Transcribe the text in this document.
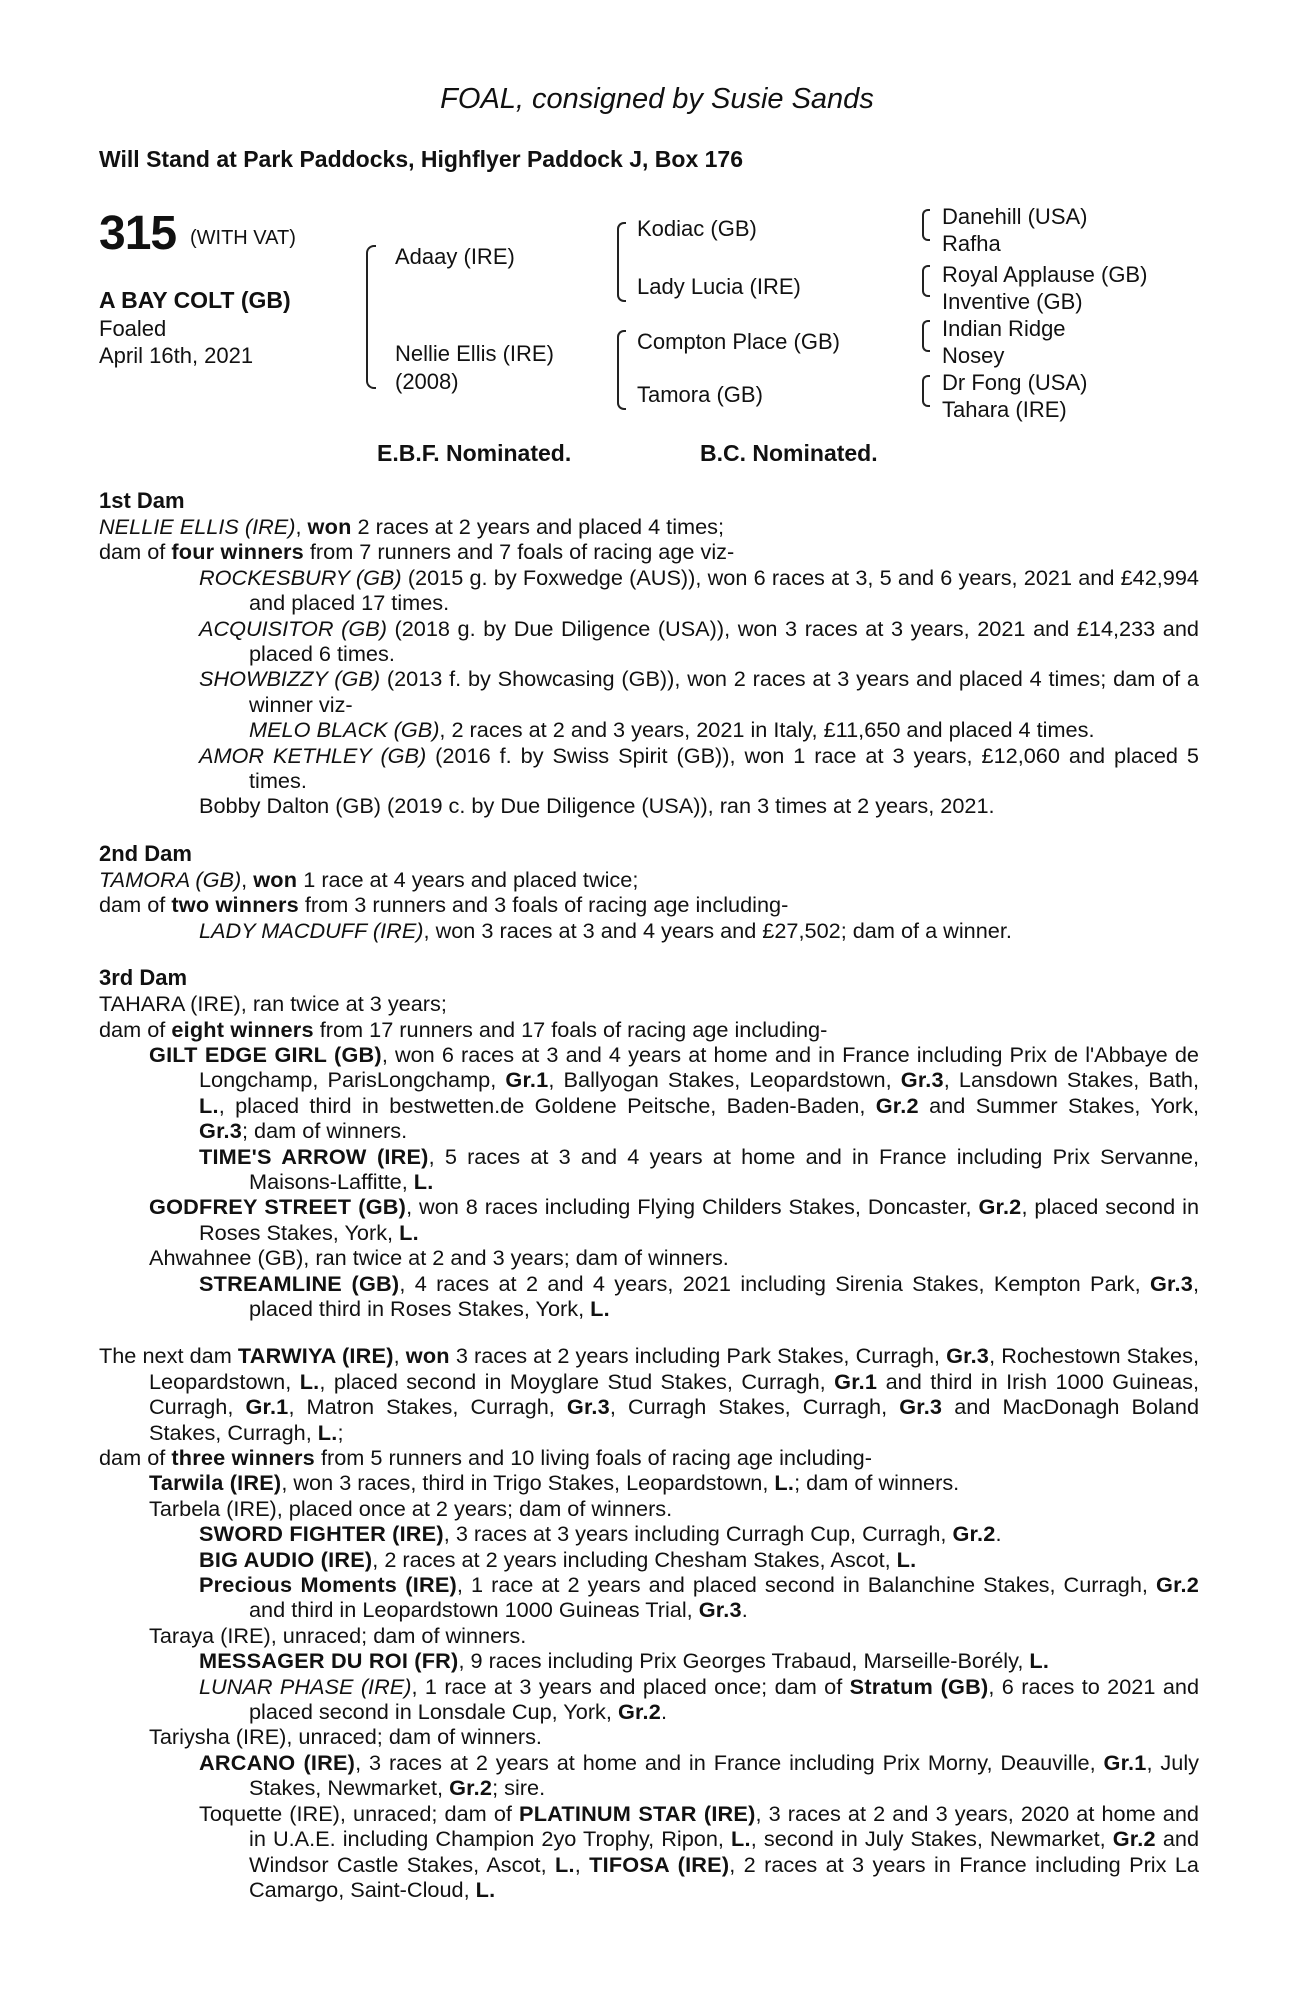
FOAL, consigned by Susie Sands
Will Stand at Park Paddocks, Highflyer Paddock J, Box 176
315 (WITH VAT)
A BAY COLT (GB)
Foaled
April 16th, 2021
Adaay (IRE)
Nellie Ellis (IRE)
(2008)
Kodiac (GB)
Lady Lucia (IRE)
Compton Place (GB)
Tamora (GB)
Danehill (USA)
Rafha
Royal Applause (GB)
Inventive (GB)
Indian Ridge
Nosey
Dr Fong (USA)
Tahara (IRE)
E.B.F. Nominated.	B.C. Nominated.
1st Dam

NELLIE ELLIS (IRE), won 2 races at 2 years and placed 4 times;

dam of four winners from 7 runners and 7 foals of racing age viz-

ROCKESBURY (GB) (2015 g. by Foxwedge (AUS)), won 6 races at 3, 5 and 6 years, 2021 and £42,994 and placed 17 times.

ACQUISITOR (GB) (2018 g. by Due Diligence (USA)), won 3 races at 3 years, 2021 and £14,233 and placed 6 times.

SHOWBIZZY (GB) (2013 f. by Showcasing (GB)), won 2 races at 3 years and placed 4 times; dam of a winner viz-

MELO BLACK (GB), 2 races at 2 and 3 years, 2021 in Italy, £11,650 and placed 4 times.

AMOR KETHLEY (GB) (2016 f. by Swiss Spirit (GB)), won 1 race at 3 years, £12,060 and placed 5 times.

Bobby Dalton (GB) (2019 c. by Due Diligence (USA)), ran 3 times at 2 years, 2021.

2nd Dam

TAMORA (GB), won 1 race at 4 years and placed twice;

dam of two winners from 3 runners and 3 foals of racing age including-

LADY MACDUFF (IRE), won 3 races at 3 and 4 years and £27,502; dam of a winner.

3rd Dam

TAHARA (IRE), ran twice at 3 years;

dam of eight winners from 17 runners and 17 foals of racing age including-

GILT EDGE GIRL (GB), won 6 races at 3 and 4 years at home and in France including Prix de l'Abbaye de Longchamp, ParisLongchamp, Gr.1, Ballyogan Stakes, Leopardstown, Gr.3, Lansdown Stakes, Bath, L., placed third in bestwetten.de Goldene Peitsche, Baden-Baden, Gr.2 and Summer Stakes, York, Gr.3; dam of winners.

TIME'S ARROW (IRE), 5 races at 3 and 4 years at home and in France including Prix Servanne, Maisons-Laffitte, L.

GODFREY STREET (GB), won 8 races including Flying Childers Stakes, Doncaster, Gr.2, placed second in Roses Stakes, York, L.

Ahwahnee (GB), ran twice at 2 and 3 years; dam of winners.

STREAMLINE (GB), 4 races at 2 and 4 years, 2021 including Sirenia Stakes, Kempton Park, Gr.3, placed third in Roses Stakes, York, L.

The next dam TARWIYA (IRE), won 3 races at 2 years including Park Stakes, Curragh, Gr.3, Rochestown Stakes, Leopardstown, L., placed second in Moyglare Stud Stakes, Curragh, Gr.1 and third in Irish 1000 Guineas, Curragh, Gr.1, Matron Stakes, Curragh, Gr.3, Curragh Stakes, Curragh, Gr.3 and MacDonagh Boland Stakes, Curragh, L.;

dam of three winners from 5 runners and 10 living foals of racing age including-

Tarwila (IRE), won 3 races, third in Trigo Stakes, Leopardstown, L.; dam of winners.

Tarbela (IRE), placed once at 2 years; dam of winners.

SWORD FIGHTER (IRE), 3 races at 3 years including Curragh Cup, Curragh, Gr.2.

BIG AUDIO (IRE), 2 races at 2 years including Chesham Stakes, Ascot, L.

Precious Moments (IRE), 1 race at 2 years and placed second in Balanchine Stakes, Curragh, Gr.2 and third in Leopardstown 1000 Guineas Trial, Gr.3.

Taraya (IRE), unraced; dam of winners.

MESSAGER DU ROI (FR), 9 races including Prix Georges Trabaud, Marseille-Borély, L.

LUNAR PHASE (IRE), 1 race at 3 years and placed once; dam of Stratum (GB), 6 races to 2021 and placed second in Lonsdale Cup, York, Gr.2.

Tariysha (IRE), unraced; dam of winners.

ARCANO (IRE), 3 races at 2 years at home and in France including Prix Morny, Deauville, Gr.1, July Stakes, Newmarket, Gr.2; sire.

Toquette (IRE), unraced; dam of PLATINUM STAR (IRE), 3 races at 2 and 3 years, 2020 at home and in U.A.E. including Champion 2yo Trophy, Ripon, L., second in July Stakes, Newmarket, Gr.2 and Windsor Castle Stakes, Ascot, L., TIFOSA (IRE), 2 races at 3 years in France including Prix La Camargo, Saint-Cloud, L.
